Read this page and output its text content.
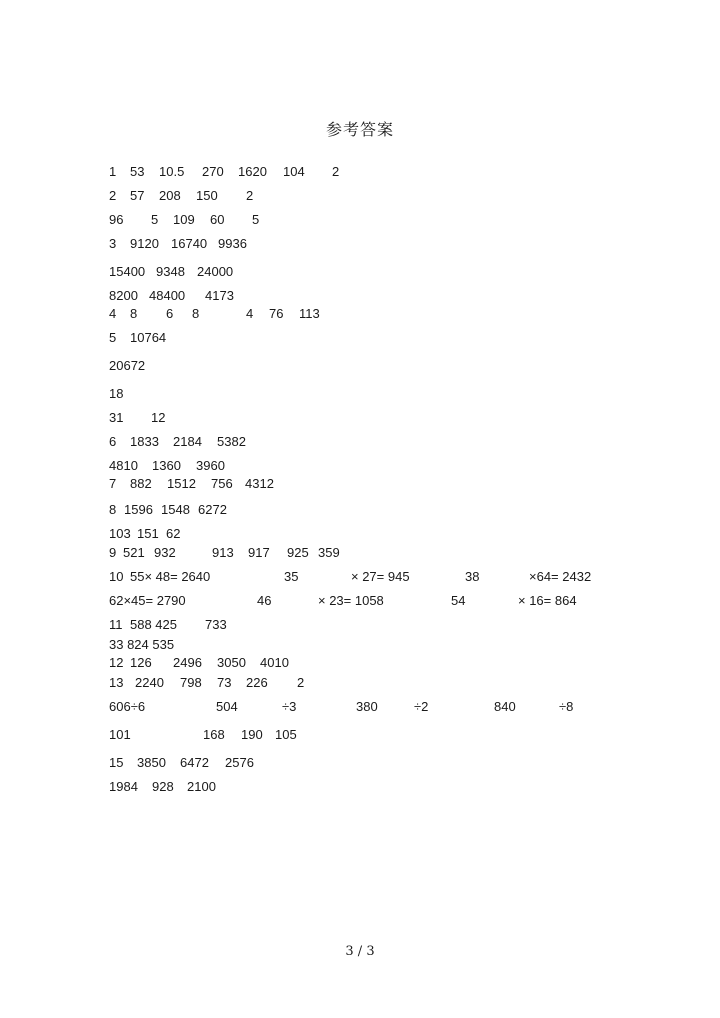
参考答案
1 53 10.5 270 1620 104 2
2 57 208 150 2
96 5 109 60 5
3 9120 16740 9936
15400 9348 24000
8200 48400 4173
4 8 6 8	4 76 113
5 10764
20672
18
31 12
6 1833 2184 5382
4810 1360 3960
7 882 1512 756 4312
8 1596 1548 6272
103 151 62
9 521 932	913 917 925 359
10 55× 48= 2640	35	× 27= 945	38	×64= 2432
62×45= 2790	46	× 23= 1058	54	× 16= 864
11 588 425 733
33 824 535
12 126 2496 3050 4010
13 2240 798 73 226 2
606÷6	504	÷3	380	÷2	840	÷8
101	168 190 105
15 3850 6472 2576
1984 928 2100
3 / 3
